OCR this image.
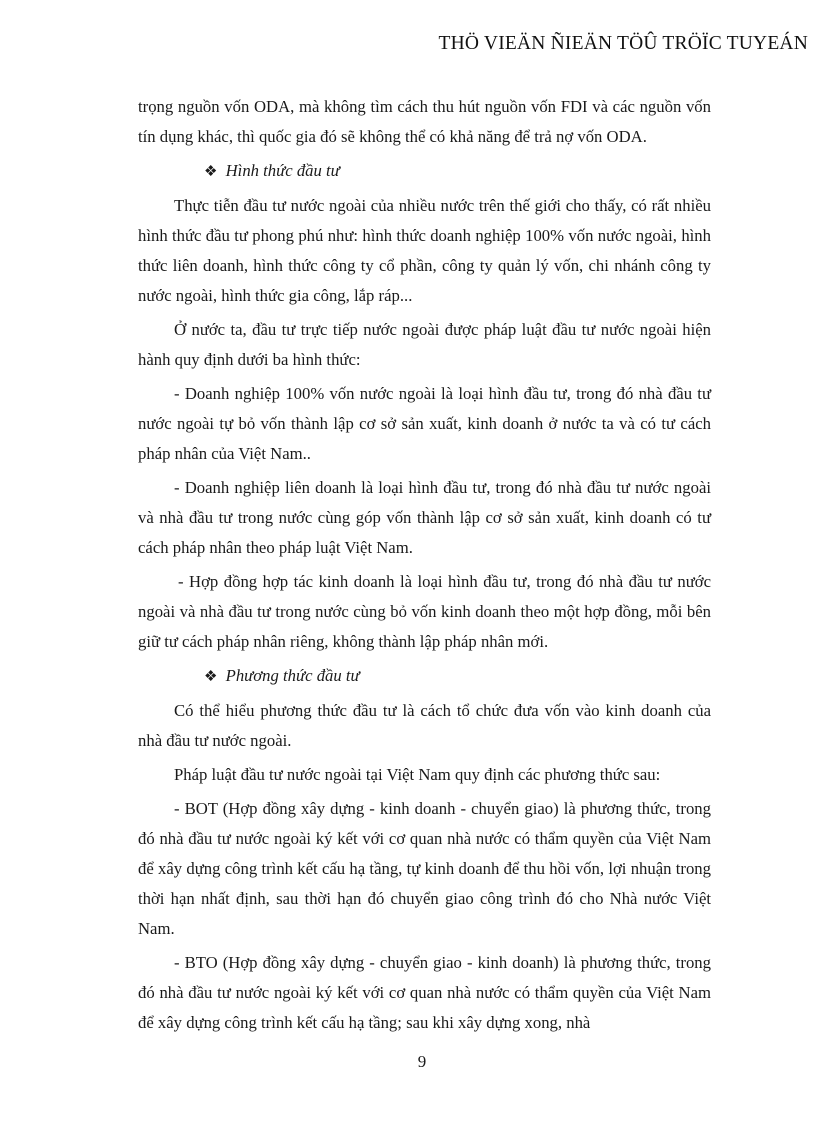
THÖ VIEÄN ÑIEÄN TÖÛ TRÖÏC TUYEÁN

trọng nguồn vốn ODA, mà không tìm cách thu hút nguồn vốn FDI và các nguồn vốn tín dụng khác, thì quốc gia đó sẽ không thể có khả năng để trả nợ vốn ODA.

❖ Hình thức đầu tư

Thực tiễn đầu tư nước ngoài của nhiều nước trên thế giới cho thấy, có rất nhiều hình thức đầu tư phong phú như: hình thức doanh nghiệp 100% vốn nước ngoài, hình thức liên doanh, hình thức công ty cổ phần, công ty quản lý vốn, chi nhánh công ty nước ngoài, hình thức gia công, lắp ráp...

Ở nước ta, đầu tư trực tiếp nước ngoài được pháp luật đầu tư nước ngoài hiện hành quy định dưới ba hình thức:

- Doanh nghiệp 100% vốn nước ngoài là loại hình đầu tư, trong đó nhà đầu tư nước ngoài tự bỏ vốn thành lập cơ sở sản xuất, kinh doanh ở nước ta và có tư cách pháp nhân của Việt Nam..

- Doanh nghiệp liên doanh là loại hình đầu tư, trong đó nhà đầu tư nước ngoài và nhà đầu tư trong nước cùng góp vốn thành lập cơ sở sản xuất, kinh doanh có tư cách pháp nhân theo pháp luật Việt Nam.

- Hợp đồng hợp tác kinh doanh là loại hình đầu tư, trong đó nhà đầu tư nước ngoài và nhà đầu tư trong nước cùng bỏ vốn kinh doanh theo một hợp đồng, mỗi bên giữ tư cách pháp nhân riêng, không thành lập pháp nhân mới.

❖ Phương thức đầu tư

Có thể hiểu phương thức đầu tư là cách tổ chức đưa vốn vào kinh doanh của nhà đầu tư nước ngoài.

Pháp luật đầu tư nước ngoài tại Việt Nam quy định các phương thức sau:

- BOT (Hợp đồng xây dựng - kinh doanh - chuyển giao) là phương thức, trong đó nhà đầu tư nước ngoài ký kết với cơ quan nhà nước có thẩm quyền của Việt Nam để xây dựng công trình kết cấu hạ tầng, tự kinh doanh để thu hồi vốn, lợi nhuận trong thời hạn nhất định, sau thời hạn đó chuyển giao công trình đó cho Nhà nước Việt Nam.

- BTO (Hợp đồng xây dựng - chuyển giao - kinh doanh) là phương thức, trong đó nhà đầu tư nước ngoài ký kết với cơ quan nhà nước có thẩm quyền của Việt Nam để xây dựng công trình kết cấu hạ tầng; sau khi xây dựng xong, nhà

9
